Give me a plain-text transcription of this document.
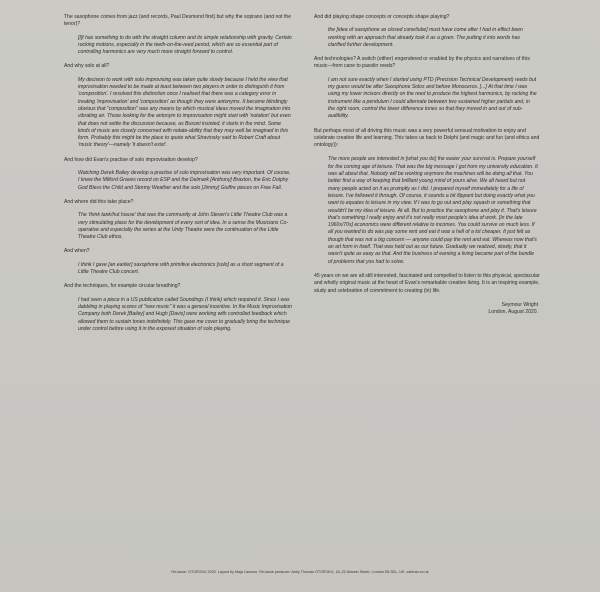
The saxophone comes from jazz (and records, Paul Desmond first) but why the soprano (and not the tenor)?

[I]t has something to do with the straight column and its simple relationship with gravity. Certain rocking motions, especially in the teeth-on-the-reed period, which are so essential part of controlling harmonics are very much more straight forward to control.

And why solo at all?

My decision to work with solo improvising was taken quite slowly because I held the view that improvisation needed to be made at least between two players in order to distinguish it from 'composition'. I resolved this distinction once I realised that there was a category error in treating 'improvisation' and 'composition' as though they were antonyms. It became blindingly obvious that "composition" was any means by which musical ideas moved the imagination into vibrating air. Those looking for the antonym to improvisation might start with 'notation' but even that does not settle the discussion because, as Busoni insisted, it starts in the mind. Some kinds of music are closely concerned with notate-ability that they may well be imagined in this form. Probably this might be the place to quote what Stravinsky said to Robert Craft about 'music theory'—namely 'it doesn't exist'.

And how did Evan's practise of solo improvisation develop?

Watching Derek Bailey develop a practise of solo improvisation was very important. Of course, I knew the Milford Graves record on ESP and the Delmark [Anthony] Braxton, the Eric Dolphy God Bless the Child and Stormy Weather and the solo [Jimmy] Giuffre pieces on Free Fall.

And where did this take place?

The 'think tank/hut house' that was the community at John Steven's Little Theatre Club was a very stimulating place for the development of every sort of idea. In a sense the Musicians Co-operative and especially the series at the Unity Theatre were the continuation of the Little Theatre Club ethos.

And when?

I think I gave [an earlier] saxophone with primitive electronics [solo] as a short segment of a Little Theatre Club concert.

And the techniques, for example circular breathing?

I had seen a piece in a US publication called Soundings (I think) which required it. Since I was dabbling in playing scores of "new music" it was a general incentive. In the Music Improvisation Company both Derek [Bailey] and Hugh [Davis] were working with controlled feedback which allowed them to sustain tones indefinitely. This gave me cover to gradually bring the technique under control before using it in the exposed situation of solo playing.

And did playing shape concepts or concepts shape playing?

the [idea of saxophone as closed cone/tube] must have come after I had in effect been working with an approach that already took it as a given. The putting it into words has clarified further development.

And technologies? A switch (either) engendered or enabled by the physics and narratives of this music—from cane to paxolin reeds?

I am not sure exactly when I started using PTD (Precision Technical Development) reeds but my guess would be after Saxophone Solos and before Monoceros. [...] At that time I was using my lower incisors directly on the reed to produce the highest harmonics, by rocking the instrument like a pendulum I could alternate between two sustained higher partials and, in the right room, control the lower difference tones so that they moved in and out of sub-audibility.

But perhaps most of all driving this music was a very powerful sensual motivation to enjoy and celebrate creative life and learning. This takes us back to Delphi (and magic and fun (and ethics and ontology)):

The more people are interested in [what you do] the easier your survival is. Prepare yourself for the coming age of leisure. That was the big message I got from my university education. It was all about that. Nobody will be working anymore the machines will be doing all that. You better find a way of keeping that brilliant young mind of yours alive. We all heard but not many people acted on it as promptly as I did. I prepared myself immediately for a life of leisure. I've followed it through. Of course, it sounds a bit flippant but doing exactly what you want to equates to leisure in my view. If I was to go out and play squash or something that wouldn't be my idea of leisure. At all. But to practice the saxophone and play it. That's leisure that's something I really enjoy and it's not really most people's idea of work. [In the late 1960s/70s] economics were different relative to incomes. You could survive on much less. If all you wanted to do was pay some rent and eat it was a hell of a lot cheaper. It just felt as though that was not a big concern — anyone could pay the rent and eat. Whereas now that's an art form in itself. That was held out as our future. Gradually we realized, slowly, that it wasn't quite as easy as that. And the business of earning a living became part of the bundle of problems that you had to solve.

45 years on we are all still interested, fascinated and compelled to listen to this physical, spectacular and wholly original music at the heart of Evan's remarkable creative living. It is an inspiring example, study and celebration of commitment to creating (in) life.

Seymour Wright

London, August 2020.

Re-issue: OTOROKU 2020. Layout by Maja Larsson. Re-issue producer: Abby Thomas OTOROKU, 18–22 Ashwin Street, London E8 3DL, UK. cafeoto.co.uk
